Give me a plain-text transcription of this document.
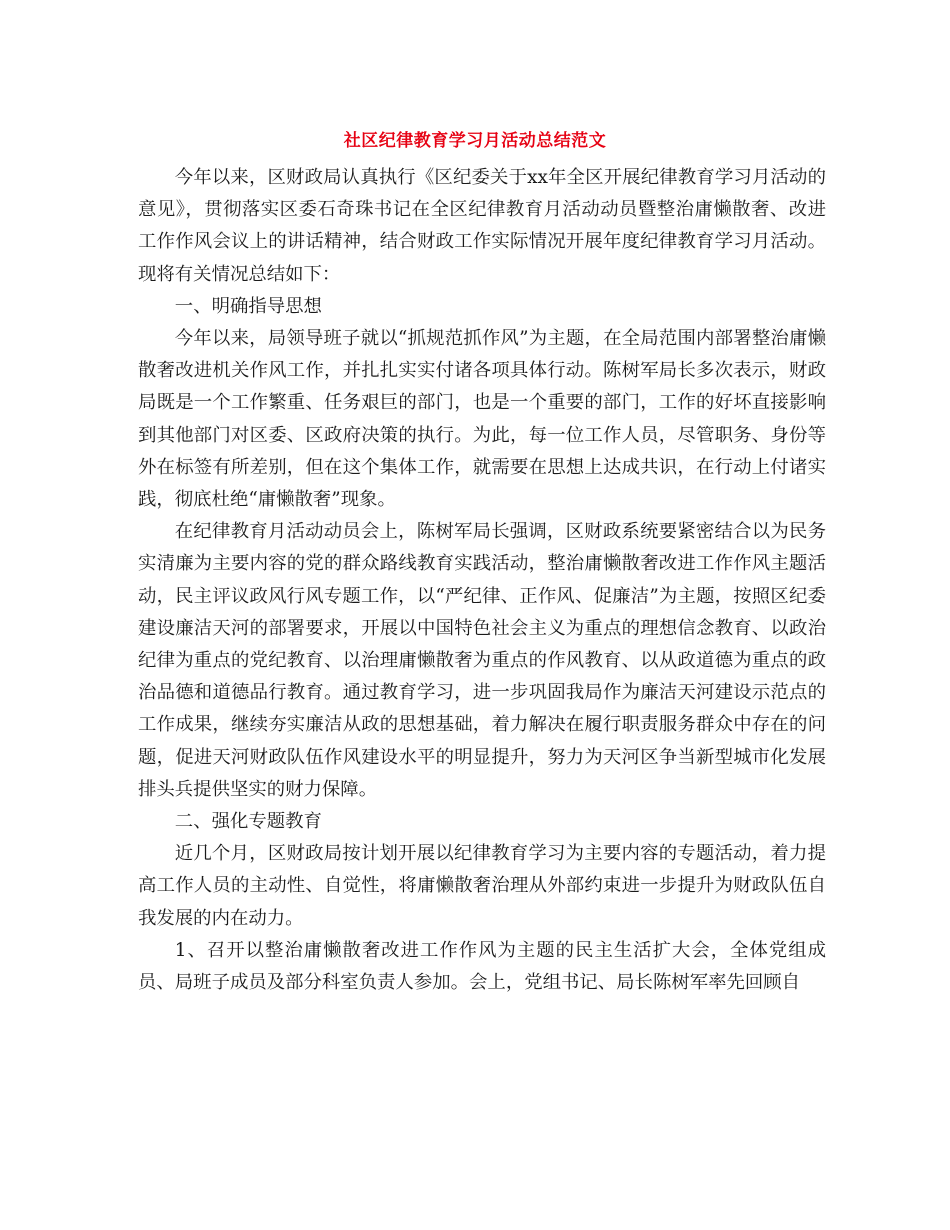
社区纪律教育学习月活动总结范文

今年以来，区财政局认真执行《区纪委关于xx年全区开展纪律教育学习月活动的意见》，贯彻落实区委石奇珠书记在全区纪律教育月活动动员暨整治庸懒散奢、改进工作作风会议上的讲话精神，结合财政工作实际情况开展年度纪律教育学习月活动。现将有关情况总结如下：

一、明确指导思想

今年以来，局领导班子就以“抓规范抓作风”为主题，在全局范围内部署整治庸懒散奢改进机关作风工作，并扎扎实实付诸各项具体行动。陈树军局长多次表示，财政局既是一个工作繁重、任务艰巨的部门，也是一个重要的部门，工作的好坏直接影响到其他部门对区委、区政府决策的执行。为此，每一位工作人员，尽管职务、身份等外在标签有所差别，但在这个集体工作，就需要在思想上达成共识，在行动上付诸实践，彻底杜绝“庸懒散奢”现象。

在纪律教育月活动动员会上，陈树军局长强调，区财政系统要紧密结合以为民务实清廉为主要内容的党的群众路线教育实践活动，整治庸懒散奢改进工作作风主题活动，民主评议政风行风专题工作，以“严纪律、正作风、促廉洁”为主题，按照区纪委建设廉洁天河的部署要求，开展以中国特色社会主义为重点的理想信念教育、以政治纪律为重点的党纪教育、以治理庸懒散奢为重点的作风教育、以从政道德为重点的政治品德和道德品行教育。通过教育学习，进一步巩固我局作为廉洁天河建设示范点的工作成果，继续夯实廉洁从政的思想基础，着力解决在履行职责服务群众中存在的问题，促进天河财政队伍作风建设水平的明显提升，努力为天河区争当新型城市化发展排头兵提供坚实的财力保障。

二、强化专题教育

近几个月，区财政局按计划开展以纪律教育学习为主要内容的专题活动，着力提高工作人员的主动性、自觉性，将庸懒散奢治理从外部约束进一步提升为财政队伍自我发展的内在动力。

1、召开以整治庸懒散奢改进工作作风为主题的民主生活扩大会，全体党组成员、局班子成员及部分科室负责人参加。会上，党组书记、局长陈树军率先回顾自
